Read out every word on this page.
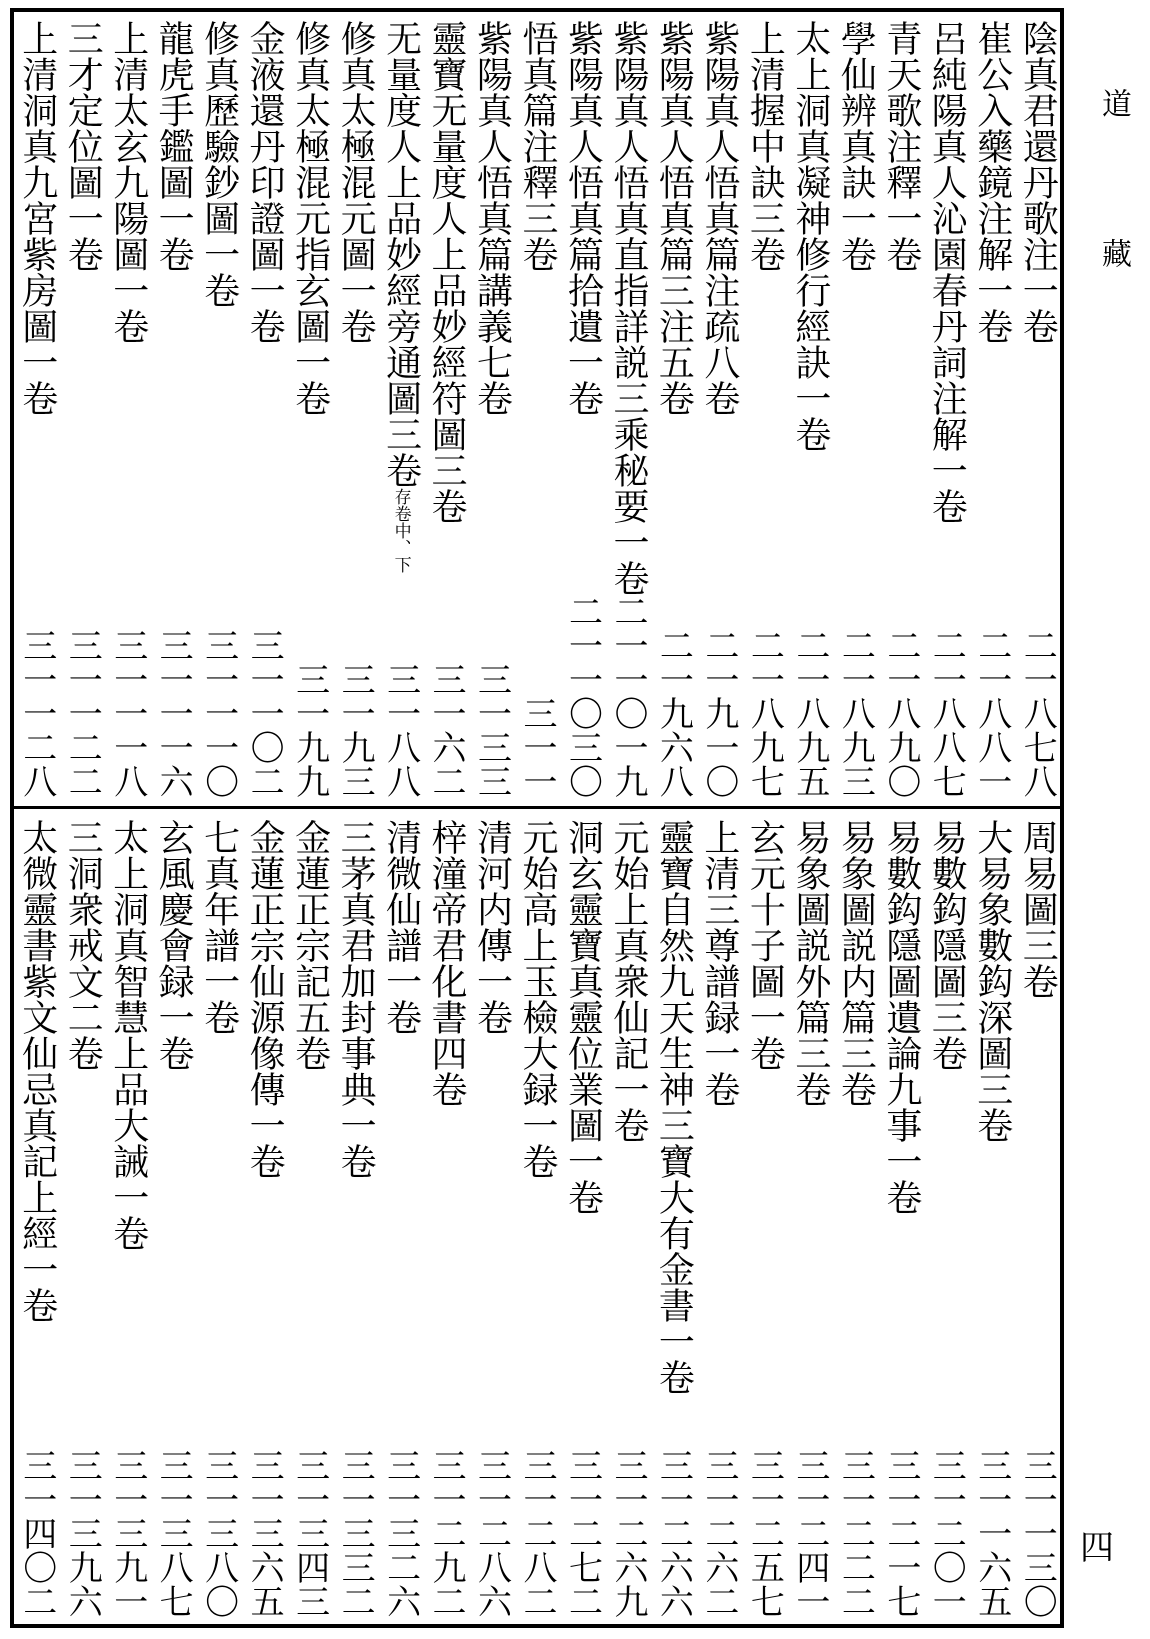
陰真君還丹歌注一卷
二一八七八
崔公入藥鏡注解一卷
二一八八一
呂純陽真人沁園春丹詞注解一卷
二一八八七
青天歌注釋一卷
二一八九〇
學仙辨真訣一卷
二一八九三
太上洞真凝神修行經訣一卷
二一八九五
上清握中訣三卷
二一八九七
紫陽真人悟真篇注疏八卷
二一九一〇
紫陽真人悟真篇三注五卷
二一九六八
紫陽真人悟真直指詳説三乘秘要一卷
二一一〇一九
紫陽真人悟真篇拾遺一卷
二一一〇三〇
悟真篇注釋三卷
三一一
紫陽真人悟真篇講義七卷
三一三三
靈寶无量度人上品妙經符圖三卷
三一六二
无量度人上品妙經旁通圖三卷存卷中、下
三一八八
修真太極混元圖一卷
三一九三
修真太極混元指玄圖一卷
三一九九
金液還丹印證圖一卷
三一一〇二
修真歷驗鈔圖一卷
三一一一〇
龍虎手鑑圖一卷
三一一一六
上清太玄九陽圖一卷
三一一一八
三才定位圖一卷
三一一二二
上清洞真九宮紫房圖一卷
三一一二八
周易圖三卷
三一一三〇
大易象數鈎深圖三卷
三一一六五
易數鈎隱圖三卷
三一二〇一
易數鈎隱圖遺論九事一卷
三一二一七
易象圖説内篇三卷
三一二二二
易象圖説外篇三卷
三一二四一
玄元十子圖一卷
三一二五七
上清三尊譜録一卷
三一二六二
靈寶自然九天生神三寶大有金書一卷
三一二六六
元始上真衆仙記一卷
三一二六九
洞玄靈寶真靈位業圖一卷
三一二七二
元始高上玉檢大録一卷
三一二八二
清河内傳一卷
三一二八六
梓潼帝君化書四卷
三一二九二
清微仙譜一卷
三一三二六
三茅真君加封事典一卷
三一三三二
金蓮正宗記五卷
三一三四三
金蓮正宗仙源像傳一卷
三一三六五
七真年譜一卷
三一三八〇
玄風慶會録一卷
三一三八七
太上洞真智慧上品大誡一卷
三一三九一
三洞衆戒文二卷
三一三九六
太微靈書紫文仙忌真記上經一卷
三一四〇二
道
藏
四
